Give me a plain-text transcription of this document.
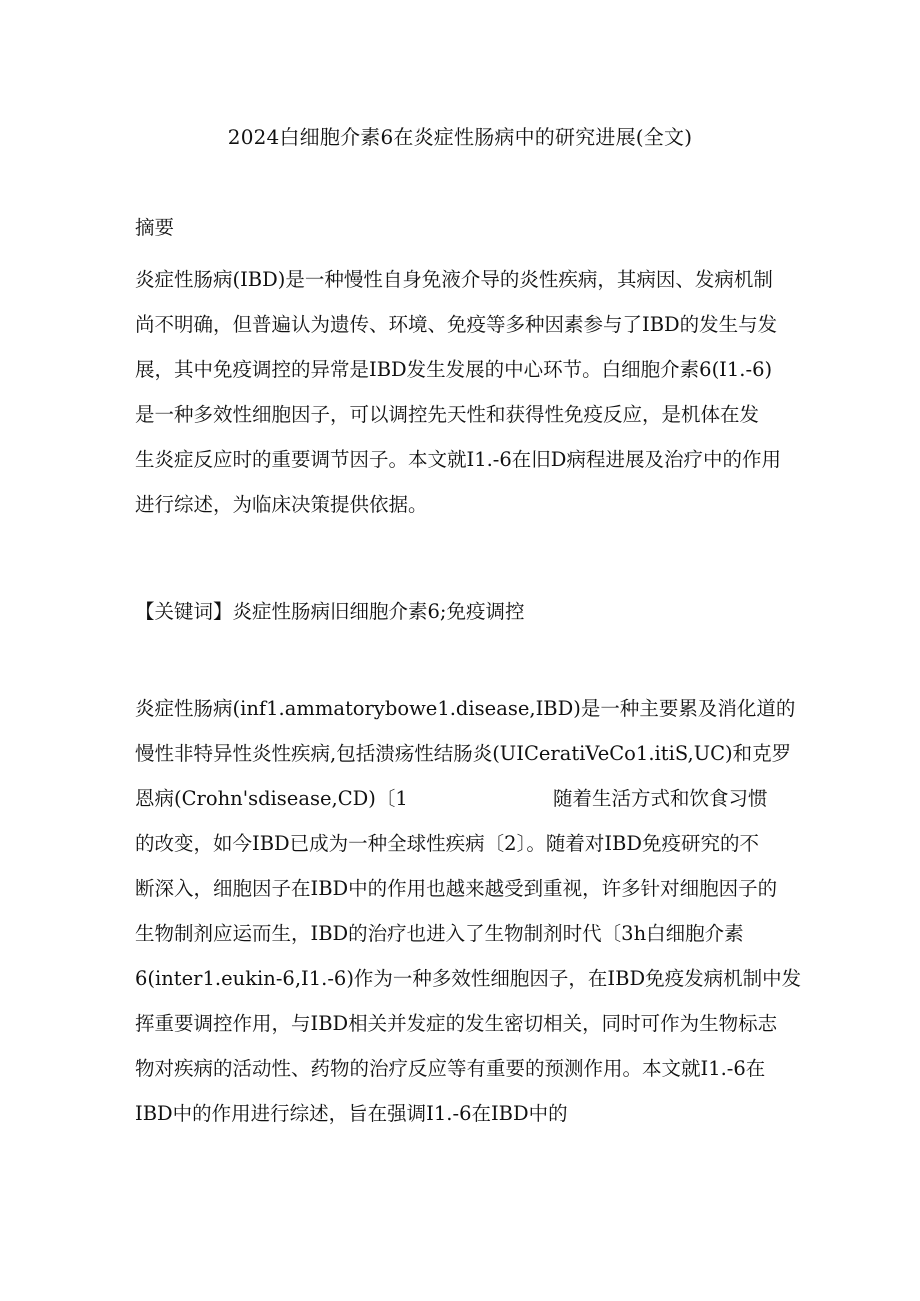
2024白细胞介素6在炎症性肠病中的研究进展(全文)
摘要
炎症性肠病(IBD)是一种慢性自身免液介导的炎性疾病，其病因、发病机制
尚不明确，但普遍认为遗传、环境、免疫等多种因素参与了IBD的发生与发
展，其中免疫调控的异常是IBD发生发展的中心环节。白细胞介素6(I1.-6)
是一种多效性细胞因子，可以调控先天性和获得性免疫反应，是机体在发
生炎症反应时的重要调节因子。本文就I1.-6在旧D病程进展及治疗中的作用
进行综述，为临床决策提供依据。
【关键词】炎症性肠病旧细胞介素6;免疫调控
炎症性肠病(inf1.ammatorybowe1.disease,IBD)是一种主要累及消化道的
慢性非特异性炎性疾病,包括溃疡性结肠炎(UICeratiVeCo1.itiS,UC)和克罗
恩病(Crohn'sdisease,CD)〔1	随着生活方式和饮食习惯
的改变，如今IBD已成为一种全球性疾病〔2〕。随着对IBD免疫研究的不
断深入，细胞因子在IBD中的作用也越来越受到重视，许多针对细胞因子的
生物制剂应运而生，IBD的治疗也进入了生物制剂时代〔3h白细胞介素
6(inter1.eukin-6,I1.-6)作为一种多效性细胞因子，在IBD免疫发病机制中发
挥重要调控作用，与IBD相关并发症的发生密切相关，同时可作为生物标志
物对疾病的活动性、药物的治疗反应等有重要的预测作用。本文就I1.-6在
IBD中的作用进行综述，旨在强调I1.-6在IBD中的
